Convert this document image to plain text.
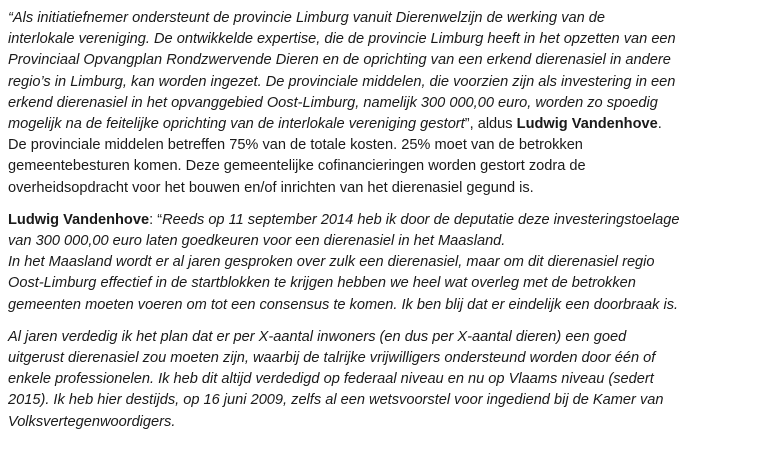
“Als initiatiefnemer ondersteunt de provincie Limburg vanuit Dierenwelzijn de werking van de
interlokale vereniging. De ontwikkelde expertise, die de provincie Limburg heeft in het opzetten van een
Provinciaal Opvangplan Rondzwervende Dieren en de oprichting van een erkend dierenasiel in andere
regio’s in Limburg, kan worden ingezet. De provinciale middelen, die voorzien zijn als investering in een
erkend dierenasiel in het opvanggebied Oost-Limburg, namelijk 300 000,00 euro, worden zo spoedig
mogelijk na de feitelijke oprichting van de interlokale vereniging gestort”, aldus Ludwig Vandenhove.
De provinciale middelen betreffen 75% van de totale kosten. 25% moet van de betrokken
gemeentebesturen komen. Deze gemeentelijke cofinancieringen worden gestort zodra de
overheidsopdracht voor het bouwen en/of inrichten van het dierenasiel gegund is.

Ludwig Vandenhove: “Reeds op 11 september 2014 heb ik door de deputatie deze investeringstoelage
van 300 000,00 euro laten goedkeuren voor een dierenasiel in het Maasland.
In het Maasland wordt er al jaren gesproken over zulk een dierenasiel, maar om dit dierenasiel regio
Oost-Limburg effectief in de startblokken te krijgen hebben we heel wat overleg met de betrokken
gemeenten moeten voeren om tot een consensus te komen. Ik ben blij dat er eindelijk een doorbraak is.

Al jaren verdedig ik het plan dat er per X-aantal inwoners (en dus per X-aantal dieren) een goed
uitgerust dierenasiel zou moeten zijn, waarbij de talrijke vrijwilligers ondersteund worden door één of
enkele professionelen. Ik heb dit altijd verdedigd op federaal niveau en nu op Vlaams niveau (sedert
2015). Ik heb hier destijds, op 16 juni 2009, zelfs al een wetsvoorstel voor ingediend bij de Kamer van
Volksvertegenwoordigers.
